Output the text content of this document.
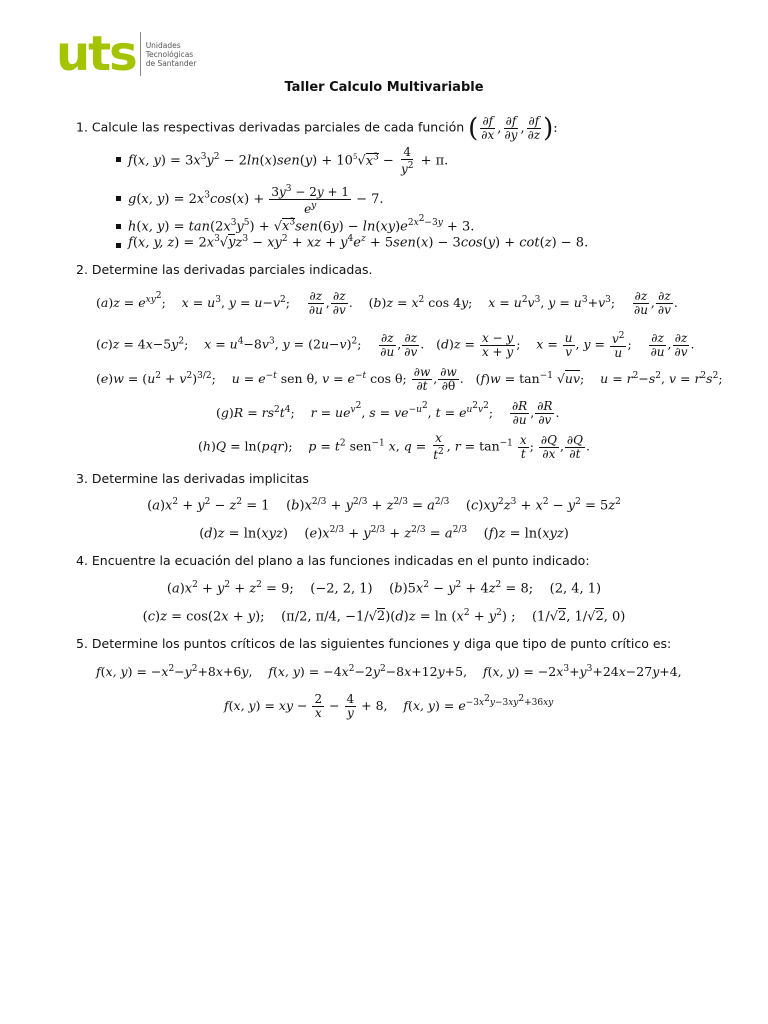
uts Unidades
Tecnológicas
de Santander
Taller Calculo Multivariable
1. Calcule las respectivas derivadas parciales de cada función ( $\frac{\partial f}{\partial x}$ , $\frac{\partial f}{\partial y}$ , $\frac{\partial f}{\partial z}$ ):
f(x, $y) = 3x^3y^2 - 2\ln(x)sen(y) + 10^5√x^3 - \frac{4}{y^2} + \pi$.
g(x, $y) = 2x^3\cos(x) + \frac{3y^3 - 2y + 1}{e^y} - 7$.
h(x, $y) = \tan(2x^3y^5) + √x^3sen(6y) - \ln(xy)e^{2x^2-3y} + 3$.
f(x, y, $z) = 2x^3√yz^3 - xy^2$ + xz + $y^4e^z + 5sen(x) - 3\cos(y) + \cot(z) - 8$.
2. Determine las derivadas parciales indicadas.
$(a)z = e^{xy^2}$;    $x = u^3$, $y = u-v^2$; $\frac{\partial z}{\partial u}$ , $\frac{\partial z}{\partial v}$ .    $(b)z = x^2$ cos 4y;    $x = u^2v^3$, $y = u^3+v^3$; $\frac{\partial z}{\partial u}$ , $\frac{\partial z}{\partial v}$ .
$(c)z = 4x-5y^2$;    $x = u^4-8v^3$, $y = (2u-v)^2$; $\frac{\partial z}{\partial u}$ , $\frac{\partial z}{\partial v}$ .   $(d)z = \frac{x - y}{x + y}$ ;    $x = \frac{u}{v}$ , $y = \frac{v^2}{u}$ ; $\frac{\partial z}{\partial u}$ , $\frac{\partial z}{\partial v}$ .
$(e)w = (u^2 + v^2)^{3/2}$;    $u = e^{-t}$ sen θ, $v = e^{-t}$ cos θ; $\frac{\partial w}{\partial t}$ , $\frac{\partial w}{\partial\theta}$ .   $(f)w = \tan^{-1} √uv$;    $u = r^2-s^2$, $v = r^2s^2$;
$(g)R = rs^2t^4$;    $r = ue^{v^2}$, $s = ve^{-u^2}$, $t = e^{u^2v^2}$; $\frac{\partial R}{\partial u}$ , $\frac{\partial R}{\partial v}$ .
(h)Q = ln(pqr);    $p = t^2$ sen$^{-1}$ x, $q = \frac{x}{t^2}$ , $r = \tan^{-1} \frac{x}{t}$ ; $\frac{\partial Q}{\partial x}$ , $\frac{\partial Q}{\partial t}$ .
3. Determine las derivadas implicitas
$(a)x^2 + y^2 - z^2 = 1$    $(b)x^{2/3} + y^{2/3} + z^{2/3} = a^{2/3}$    $(c)xy^2z^3 + x^2 - y^2 = 5z^2$
(d)z = ln(xyz)    $(e)x^{2/3} + y^{2/3} + z^{2/3} = a^{2/3}$    (f)z = ln(xyz)
4. Encuentre la ecuación del plano a las funciones indicadas en el punto indicado:
$(a)x^2 + y^2 + z^2 = 9$;    (−2, 2, 1)    $(b)5x^2 - y^2 + 4z^2 = 8$;    (2, 4, 1)
(c)z = cos(2x + y);    (π/2, π/4, $-1/√2)(d)z = \ln (x^2 + y^2)$ ;    (1/√2, 1/√2, 0)
5. Determine los puntos críticos de las siguientes funciones y diga que tipo de punto crítico es:
f(x, $y) = -x^2-y^2+8x+6y$,    f(x, $y) = -4x^2-2y^2-8x+12y+5$,    f(x, $y) = -2x^3+y^3+24x-27y+4$,
f(x, y) = xy − $\frac{2}{x} - \frac{4}{y} + 8$,    f(x, $y) = e^{-3x^2y-3xy^2+36xy}$
